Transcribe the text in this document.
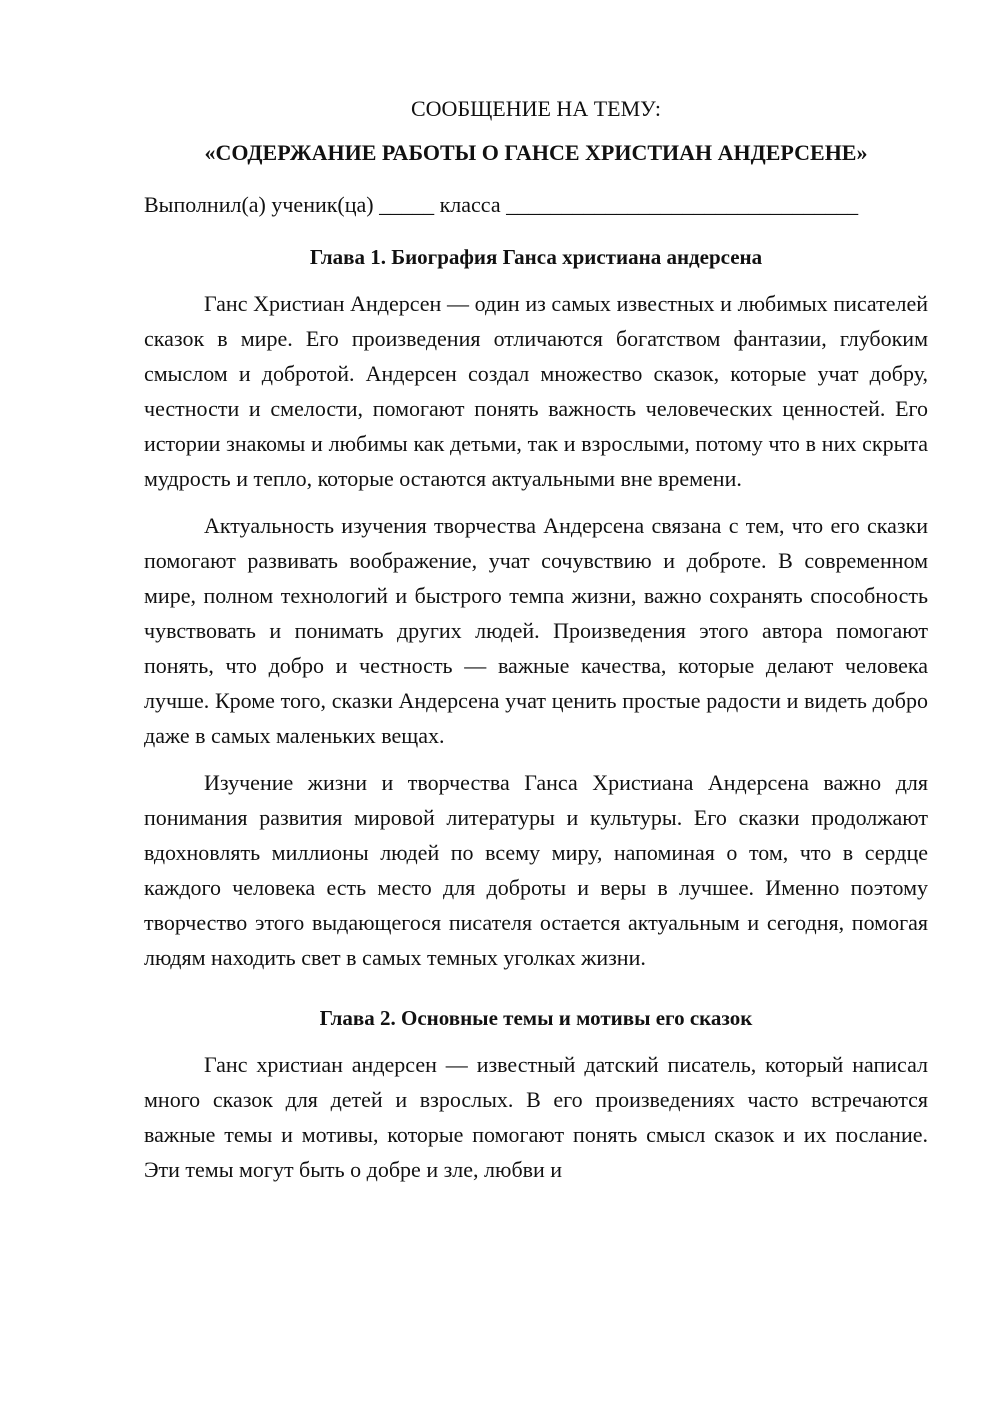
СООБЩЕНИЕ НА ТЕМУ:

«СОДЕРЖАНИЕ РАБОТЫ О ГАНСЕ ХРИСТИАН АНДЕРСЕНЕ»

Выполнил(а) ученик(ца) _____ класса ________________________________

Глава 1. Биография Ганса христиана андерсена

Ганс Христиан Андерсен — один из самых известных и любимых писателей сказок в мире. Его произведения отличаются богатством фантазии, глубоким смыслом и добротой. Андерсен создал множество сказок, которые учат добру, честности и смелости, помогают понять важность человеческих ценностей. Его истории знакомы и любимы как детьми, так и взрослыми, потому что в них скрыта мудрость и тепло, которые остаются актуальными вне времени.

Актуальность изучения творчества Андерсена связана с тем, что его сказки помогают развивать воображение, учат сочувствию и доброте. В современном мире, полном технологий и быстрого темпа жизни, важно сохранять способность чувствовать и понимать других людей. Произведения этого автора помогают понять, что добро и честность — важные качества, которые делают человека лучше. Кроме того, сказки Андерсена учат ценить простые радости и видеть добро даже в самых маленьких вещах.

Изучение жизни и творчества Ганса Христиана Андерсена важно для понимания развития мировой литературы и культуры. Его сказки продолжают вдохновлять миллионы людей по всему миру, напоминая о том, что в сердце каждого человека есть место для доброты и веры в лучшее. Именно поэтому творчество этого выдающегося писателя остается актуальным и сегодня, помогая людям находить свет в самых темных уголках жизни.

Глава 2. Основные темы и мотивы его сказок

Ганс христиан андерсен — известный датский писатель, который написал много сказок для детей и взрослых. В его произведениях часто встречаются важные темы и мотивы, которые помогают понять смысл сказок и их послание. Эти темы могут быть о добре и зле, любви и
